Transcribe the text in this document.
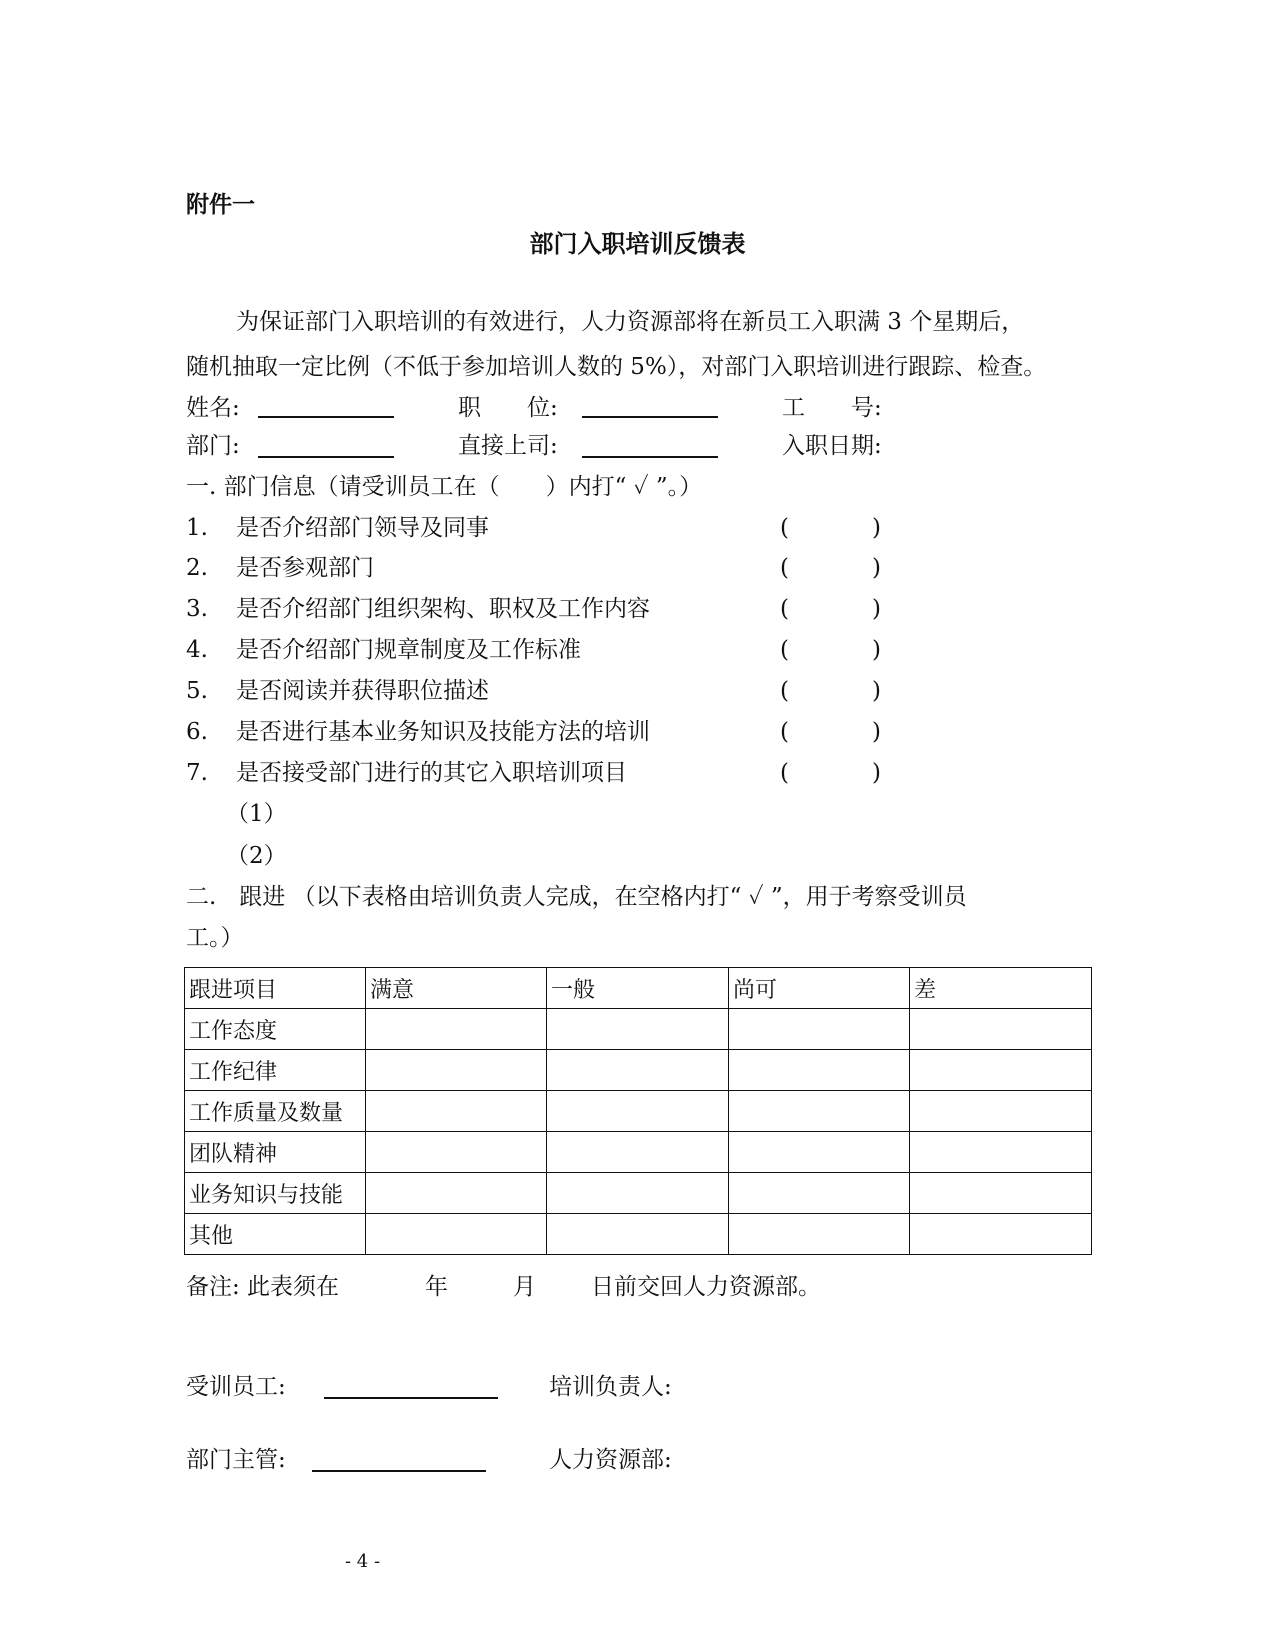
附件一
部门入职培训反馈表
为保证部门入职培训的有效进行，人力资源部将在新员工入职满 3 个星期后，
随机抽取一定比例（不低于参加培训人数的 5%），对部门入职培训进行跟踪、检查。
姓名:	职　　位:	工　　号:
部门:	直接上司:	入职日期:
一. 部门信息（请受训员工在（　　）内打“ ✓ ”。）
1. 是否介绍部门领导及同事	(	)
2. 是否参观部门	(	)
3. 是否介绍部门组织架构、职权及工作内容	(	)
4. 是否介绍部门规章制度及工作标准	(	)
5. 是否阅读并获得职位描述	(	)
6. 是否进行基本业务知识及技能方法的培训	(	)
7. 是否接受部门进行的其它入职培训项目	(	)
（1）
（2）
二.　跟进 （以下表格由培训负责人完成，在空格内打“ ✓ ”，用于考察受训员
工。）
跟进项目	满意	一般	尚可	差
工作态度				
工作纪律				
工作质量及数量				
团队精神				
业务知识与技能				
其他				
备注: 此表须在	年	月 日前交回人力资源部。
受训员工:	培训负责人:
部门主管:	人力资源部:
- 4 -
